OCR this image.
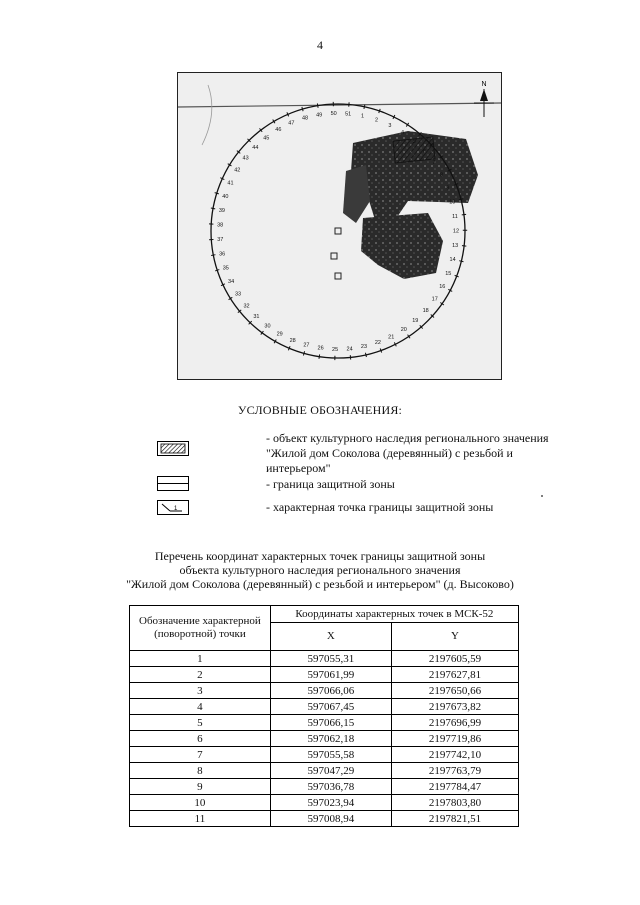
4
N
1
2
3
4
5
6
7
8
9
10
11
12
13
14
15
16
17
18
19
20
21
22
23
24
25
26
27
28
29
30
31
32
33
34
35
36
37
38
39
40
41
42
43
44
45
46
47
48
49 50 51
УСЛОВНЫЕ ОБОЗНАЧЕНИЯ:
- объект культурного наследия регионального значения "Жилой дом Соколова (деревянный) с резьбой и интерьером"
- граница защитной зоны
1	- характерная точка границы защитной зоны
Перечень координат характерных точек границы защитной зоны
объекта культурного наследия регионального значения
"Жилой дом Соколова (деревянный) с резьбой и интерьером" (д. Высоково)
Обозначение характерной (поворотной) точки	Координаты характерных точек в МСК-52	
	X	Y
1	597055,31	2197605,59
2	597061,99	2197627,81
3	597066,06	2197650,66
4	597067,45	2197673,82
5	597066,15	2197696,99
6	597062,18	2197719,86
7	597055,58	2197742,10
8	597047,29	2197763,79
9	597036,78	2197784,47
10	597023,94	2197803,80
11	597008,94	2197821,51
